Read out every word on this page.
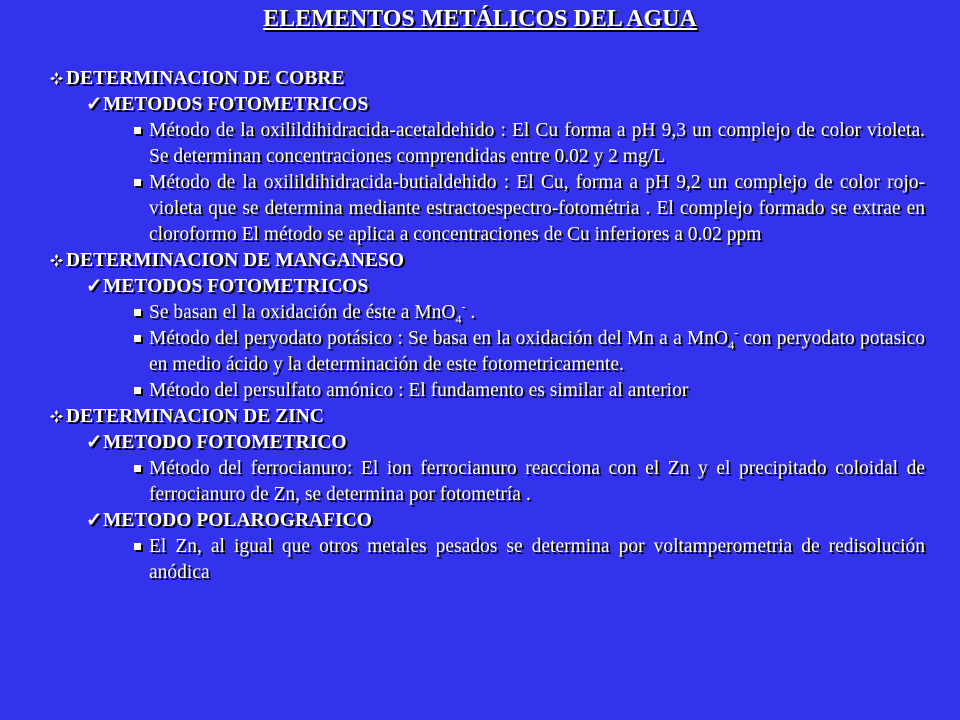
ELEMENTOS METÁLICOS DEL AGUA
DETERMINACION DE COBRE
✓ METODOS FOTOMETRICOS
Método de la oxilildihidracida-acetaldehido : El Cu forma a pH 9,3 un complejo de color violeta. Se determinan concentraciones comprendidas entre 0.02 y 2 mg/L
Método de la oxilildihidracida-butialdehido : El Cu, forma a pH 9,2 un complejo de color rojo-violeta que se determina mediante estractoespectro-fotométria . El complejo formado se extrae en cloroformo El método se aplica a concentraciones de Cu inferiores a 0.02 ppm
DETERMINACION DE MANGANESO
✓ METODOS FOTOMETRICOS
Se basan el la oxidación de éste a MnO$_4$- .
Método del peryodato potásico : Se basa en la oxidación del Mn a a MnO$_4$- con peryodato potasico en medio ácido y la determinación de este fotometricamente.
Método del persulfato amónico : El fundamento es similar al anterior
DETERMINACION DE ZINC
✓ METODO FOTOMETRICO
Método del ferrocianuro: El ion ferrocianuro reacciona con el Zn y el precipitado coloidal de ferrocianuro de Zn, se determina por fotometría .
✓ METODO POLAROGRAFICO
El Zn, al igual que otros metales pesados se determina por voltamperometria de redisolución anódica
